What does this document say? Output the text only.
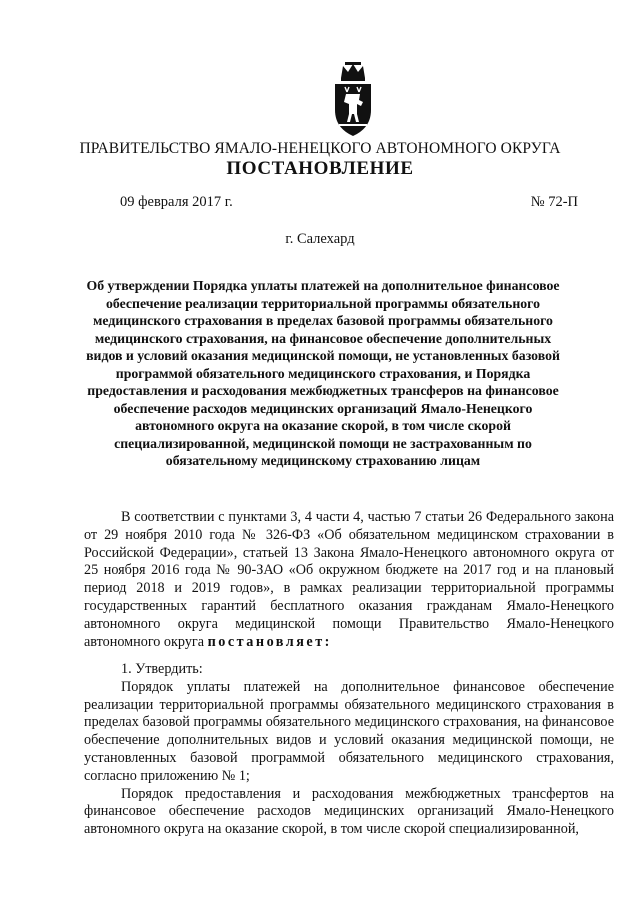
ПРАВИТЕЛЬСТВО ЯМАЛО-НЕНЕЦКОГО АВТОНОМНОГО ОКРУГА
ПОСТАНОВЛЕНИЕ
09 февраля 2017 г.	№ 72-П
г. Салехард
Об утверждении Порядка уплаты платежей на дополнительное финансовое обеспечение реализации территориальной программы обязательного медицинского страхования в пределах базовой программы обязательного медицинского страхования, на финансовое обеспечение дополнительных видов и условий оказания медицинской помощи, не установленных базовой программой обязательного медицинского страхования, и Порядка предоставления и расходования межбюджетных трансферов на финансовое обеспечение расходов медицинских организаций Ямало-Ненецкого автономного округа на оказание скорой, в том числе скорой специализированной, медицинской помощи не застрахованным по обязательному медицинскому страхованию лицам

В соответствии с пунктами 3, 4 части 4, частью 7 статьи 26 Федерального закона от 29 ноября 2010 года № 326-ФЗ «Об обязательном медицинском страховании в Российской Федерации», статьей 13 Закона Ямало-Ненецкого автономного округа от 25 ноября 2016 года № 90-ЗАО «Об окружном бюджете на 2017 год и на плановый период 2018 и 2019 годов», в рамках реализации территориальной программы государственных гарантий бесплатного оказания гражданам Ямало-Ненецкого автономного округа медицинской помощи Правительство Ямало-Ненецкого автономного округа постановляет:

1. Утвердить:

Порядок уплаты платежей на дополнительное финансовое обеспечение реализации территориальной программы обязательного медицинского страхования в пределах базовой программы обязательного медицинского страхования, на финансовое обеспечение дополнительных видов и условий оказания медицинской помощи, не установленных базовой программой обязательного медицинского страхования, согласно приложению № 1;

Порядок предоставления и расходования межбюджетных трансфертов на финансовое обеспечение расходов медицинских организаций Ямало-Ненецкого автономного округа на оказание скорой, в том числе скорой специализированной,
